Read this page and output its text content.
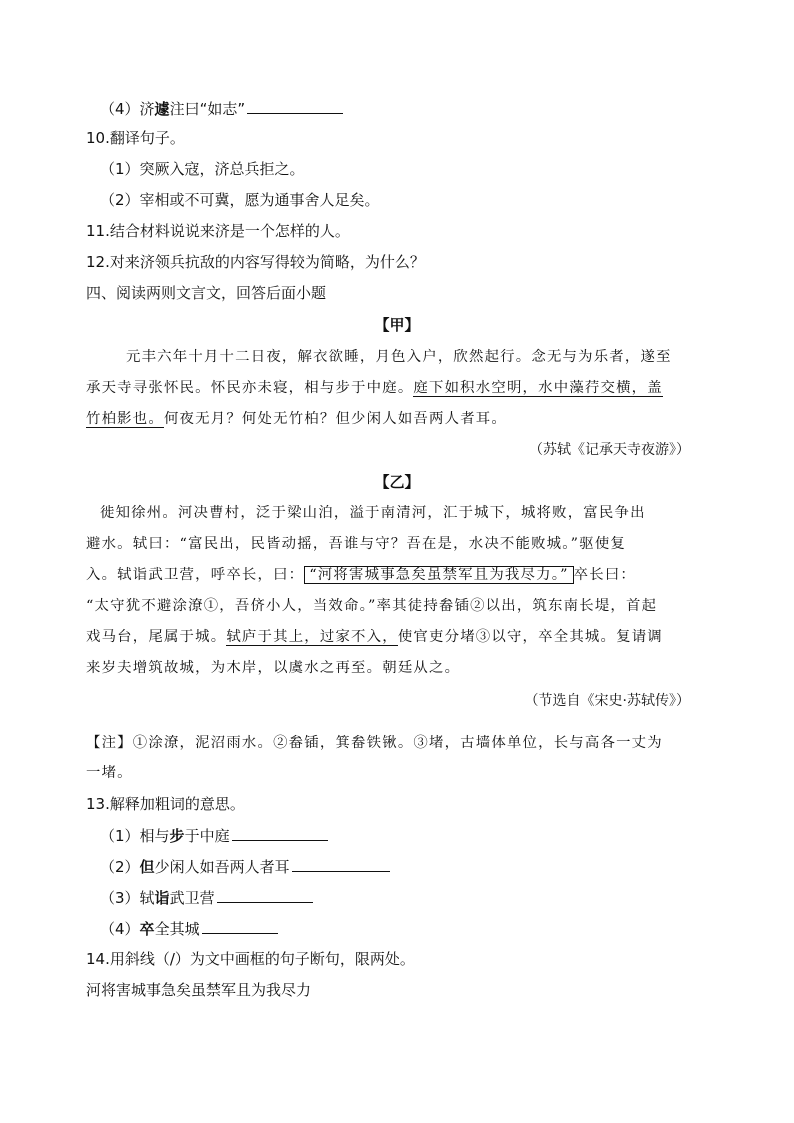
（4）济遽注曰“如志”
10.翻译句子。
（1）突厥入寇，济总兵拒之。
（2）宰相或不可冀，愿为通事舍人足矣。
11.结合材料说说来济是一个怎样的人。
12.对来济领兵抗敌的内容写得较为简略，为什么？
四、阅读两则文言文，回答后面小题
【甲】
元丰六年十月十二日夜，解衣欲睡，月色入户，欣然起行。念无与为乐者，遂至
承天寺寻张怀民。怀民亦未寝，相与步于中庭。庭下如积水空明，水中藻荇交横，盖
竹柏影也。何夜无月？何处无竹柏？但少闲人如吾两人者耳。
（苏轼《记承天寺夜游》）
【乙】
徙知徐州。河决曹村，泛于梁山泊，溢于南清河，汇于城下，城将败，富民争出
避水。轼曰：“富民出，民皆动摇，吾谁与守？吾在是，水决不能败城。”驱使复
入。轼诣武卫营，呼卒长，曰： “河将害城事急矣虽禁军且为我尽力。” 卒长曰：
“太守犹不避涂潦①，吾侪小人，当效命。”率其徒持畚锸②以出，筑东南长堤，首起
戏马台，尾属于城。轼庐于其上，过家不入，使官吏分堵③以守，卒全其城。复请调
来岁夫增筑故城，为木岸，以虞水之再至。朝廷从之。
（节选自《宋史·苏轼传》）
【注】①涂潦，泥沼雨水。②畚锸，箕畚铁锹。③堵，古墙体单位，长与高各一丈为
一堵。
13.解释加粗词的意思。
（1）相与步于中庭
（2）但少闲人如吾两人者耳
（3）轼诣武卫营
（4）卒全其城
14.用斜线（/）为文中画框的句子断句，限两处。
河将害城事急矣虽禁军且为我尽力
